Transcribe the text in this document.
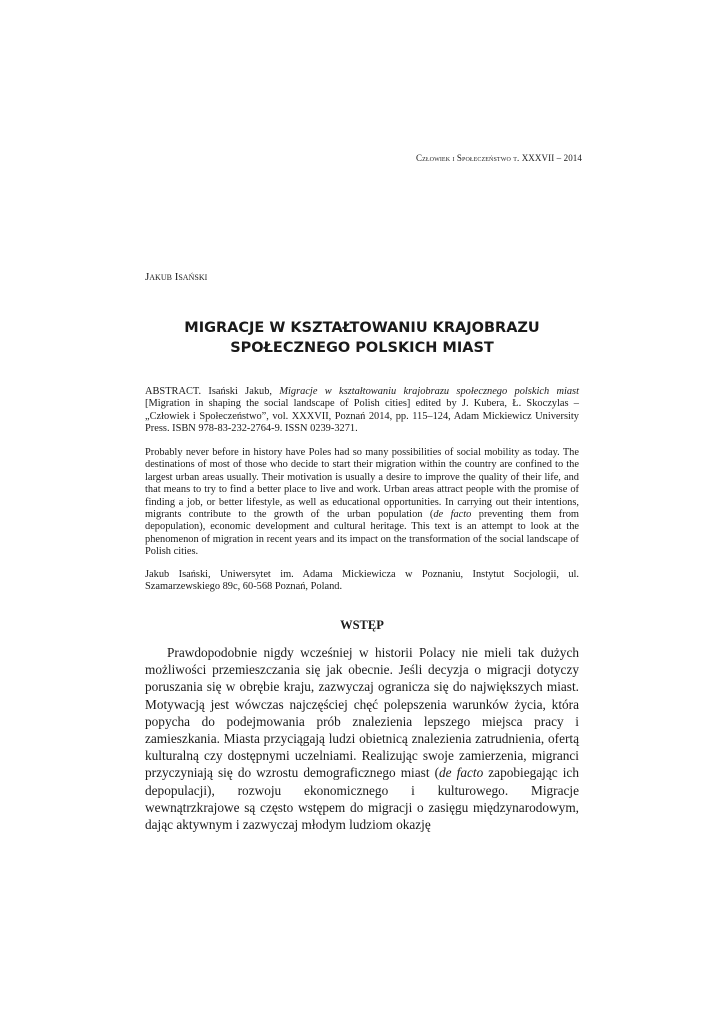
Człowiek i Społeczeństwo t. XXXVII – 2014
Jakub Isański
MIGRACJE W KSZTAŁTOWANIU KRAJOBRAZU
SPOŁECZNEGO POLSKICH MIAST
ABSTRACT. Isański Jakub, Migracje w kształtowaniu krajobrazu społecznego polskich miast [Migration in shaping the social landscape of Polish cities] edited by J. Kubera, Ł. Skoczylas – „Człowiek i Społeczeństwo”, vol. XXXVII, Poznań 2014, pp. 115–124, Adam Mickiewicz University Press. ISBN 978-83-232-2764-9. ISSN 0239-3271.
Probably never before in history have Poles had so many possibilities of social mobility as today. The destinations of most of those who decide to start their migration within the country are confined to the largest urban areas usually. Their motivation is usually a desire to improve the quality of their life, and that means to try to find a better place to live and work. Urban areas attract people with the promise of finding a job, or better lifestyle, as well as educational opportunities. In carrying out their intentions, migrants contribute to the growth of the urban population (de facto preventing them from depopulation), economic development and cultural heritage. This text is an attempt to look at the phenomenon of migration in recent years and its impact on the transformation of the social landscape of Polish cities.
Jakub Isański, Uniwersytet im. Adama Mickiewicza w Poznaniu, Instytut Socjologii, ul. Szamarzewskiego 89c, 60-568 Poznań, Poland.
WSTĘP
Prawdopodobnie nigdy wcześniej w historii Polacy nie mieli tak dużych możliwości przemieszczania się jak obecnie. Jeśli decyzja o migracji dotyczy poruszania się w obrębie kraju, zazwyczaj ogranicza się do największych miast. Motywacją jest wówczas najczęściej chęć polepszenia warunków życia, która popycha do podejmowania prób znalezienia lepszego miejsca pracy i zamieszkania. Miasta przyciągają ludzi obietnicą znalezienia zatrudnienia, ofertą kulturalną czy dostępnymi uczelniami. Realizując swoje zamierzenia, migranci przyczyniają się do wzrostu demograficznego miast (de facto zapobiegając ich depopulacji), rozwoju ekonomicznego i kulturowego. Migracje wewnątrzkrajowe są często wstępem do migracji o zasięgu międzynarodowym, dając aktywnym i zazwyczaj młodym ludziom okazję
